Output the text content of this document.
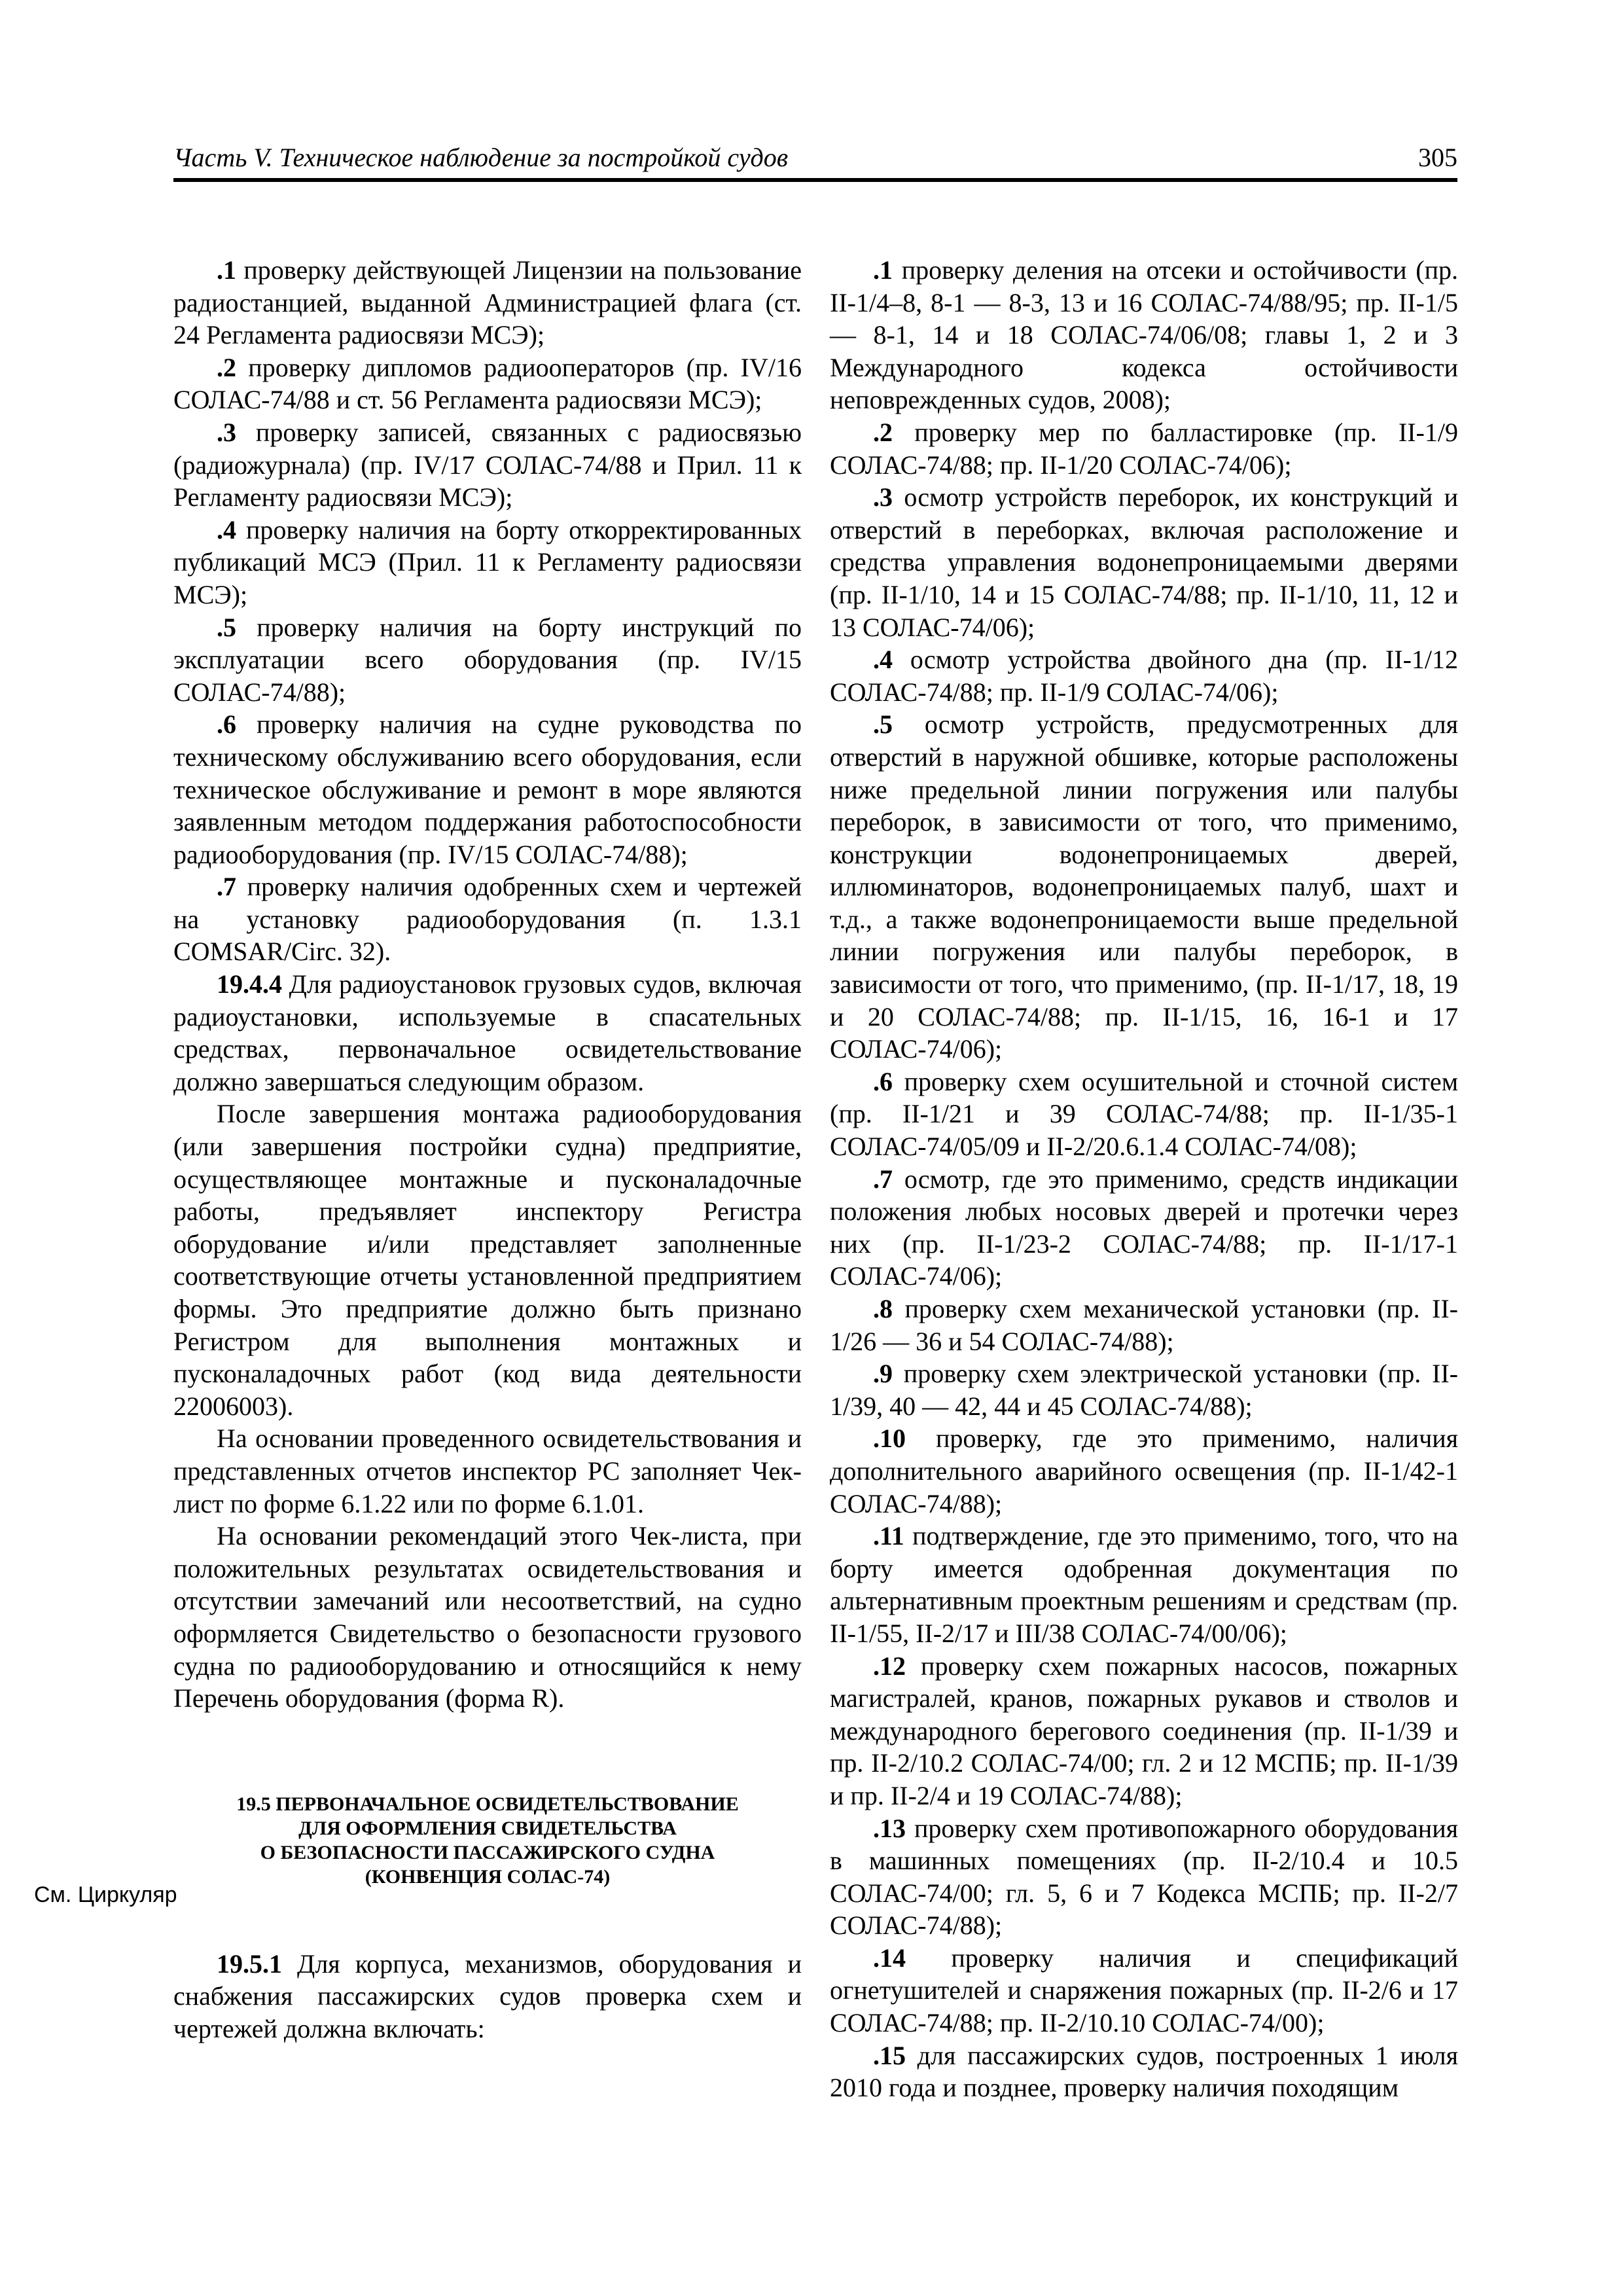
Часть V. Техническое наблюдение за постройкой судов	305
См. Циркуляр

.1 проверку действующей Лицензии на пользование радиостанцией, выданной Администрацией флага (ст. 24 Регламента радиосвязи МСЭ);

.2 проверку дипломов радиооператоров (пр. IV/16 СОЛАС-74/88 и ст. 56 Регламента радиосвязи МСЭ);

.3 проверку записей, связанных с радиосвязью (радиожурнала) (пр. IV/17 СОЛАС-74/88 и Прил. 11 к Регламенту радиосвязи МСЭ);

.4 проверку наличия на борту откорректированных публикаций МСЭ (Прил. 11 к Регламенту радиосвязи МСЭ);

.5 проверку наличия на борту инструкций по эксплуатации всего оборудования (пр. IV/15 СОЛАС-74/88);

.6 проверку наличия на судне руководства по техническому обслуживанию всего оборудования, если техническое обслуживание и ремонт в море являются заявленным методом поддержания работоспособности радиооборудования (пр. IV/15 СОЛАС-74/88);

.7 проверку наличия одобренных схем и чертежей на установку радиооборудования (п. 1.3.1 COMSAR/Circ. 32).

19.4.4 Для радиоустановок грузовых судов, включая радиоустановки, используемые в спасательных средствах, первоначальное освидетельствование должно завершаться следующим образом.

После завершения монтажа радиооборудования (или завершения постройки судна) предприятие, осуществляющее монтажные и пусконаладочные работы, предъявляет инспектору Регистра оборудование и/или представляет заполненные соответствующие отчеты установленной предприятием формы. Это предприятие должно быть признано Регистром для выполнения монтажных и пусконаладочных работ (код вида деятельности 22006003).

На основании проведенного освидетельствования и представленных отчетов инспектор РС заполняет Чек-лист по форме 6.1.22 или по форме 6.1.01.

На основании рекомендаций этого Чек-листа, при положительных результатах освидетельствования и отсутствии замечаний или несоответствий, на судно оформляется Свидетельство о безопасности грузового судна по радиооборудованию и относящийся к нему Перечень оборудования (форма R).

19.5 ПЕРВОНАЧАЛЬНОЕ ОСВИДЕТЕЛЬСТВОВАНИЕ
ДЛЯ ОФОРМЛЕНИЯ СВИДЕТЕЛЬСТВА
О БЕЗОПАСНОСТИ ПАССАЖИРСКОГО СУДНА
(КОНВЕНЦИЯ СОЛАС-74)

19.5.1 Для корпуса, механизмов, оборудования и снабжения пассажирских судов проверка схем и чертежей должна включать:

.1 проверку деления на отсеки и остойчивости (пр. II-1/4–8, 8-1 — 8-3, 13 и 16 СОЛАС-74/88/95; пр. II-1/5 — 8-1, 14 и 18 СОЛАС-74/06/08; главы 1, 2 и 3 Международного кодекса остойчивости неповрежденных судов, 2008);

.2 проверку мер по балластировке (пр. II-1/9 СОЛАС-74/88; пр. II-1/20 СОЛАС-74/06);

.3 осмотр устройств переборок, их конструкций и отверстий в переборках, включая расположение и средства управления водонепроницаемыми дверями (пр. II-1/10, 14 и 15 СОЛАС-74/88; пр. II-1/10, 11, 12 и 13 СОЛАС-74/06);

.4 осмотр устройства двойного дна (пр. II-1/12 СОЛАС-74/88; пр. II-1/9 СОЛАС-74/06);

.5 осмотр устройств, предусмотренных для отверстий в наружной обшивке, которые расположены ниже предельной линии погружения или палубы переборок, в зависимости от того, что применимо, конструкции водонепроницаемых дверей, иллюминаторов, водонепроницаемых палуб, шахт и т.д., а также водонепроницаемости выше предельной линии погружения или палубы переборок, в зависимости от того, что применимо, (пр. II-1/17, 18, 19 и 20 СОЛАС-74/88; пр. II-1/15, 16, 16-1 и 17 СОЛАС-74/06);

.6 проверку схем осушительной и сточной систем (пр. II-1/21 и 39 СОЛАС-74/88; пр. II-1/35-1 СОЛАС-74/05/09 и II-2/20.6.1.4 СОЛАС-74/08);

.7 осмотр, где это применимо, средств индикации положения любых носовых дверей и протечки через них (пр. II-1/23-2 СОЛАС-74/88; пр. II-1/17-1 СОЛАС-74/06);

.8 проверку схем механической установки (пр. II-1/26 — 36 и 54 СОЛАС-74/88);

.9 проверку схем электрической установки (пр. II-1/39, 40 — 42, 44 и 45 СОЛАС-74/88);

.10 проверку, где это применимо, наличия дополнительного аварийного освещения (пр. II-1/42-1 СОЛАС-74/88);

.11 подтверждение, где это применимо, того, что на борту имеется одобренная документация по альтернативным проектным решениям и средствам (пр. II-1/55, II-2/17 и III/38 СОЛАС-74/00/06);

.12 проверку схем пожарных насосов, пожарных магистралей, кранов, пожарных рукавов и стволов и международного берегового соединения (пр. II-1/39 и пр. II-2/10.2 СОЛАС-74/00; гл. 2 и 12 МСПБ; пр. II-1/39 и пр. II-2/4 и 19 СОЛАС-74/88);

.13 проверку схем противопожарного оборудования в машинных помещениях (пр. II-2/10.4 и 10.5 СОЛАС-74/00; гл. 5, 6 и 7 Кодекса МСПБ; пр. II-2/7 СОЛАС-74/88);

.14 проверку наличия и спецификаций огнетушителей и снаряжения пожарных (пр. II-2/6 и 17 СОЛАС-74/88; пр. II-2/10.10 СОЛАС-74/00);

.15 для пассажирских судов, построенных 1 июля 2010 года и позднее, проверку наличия походящим
